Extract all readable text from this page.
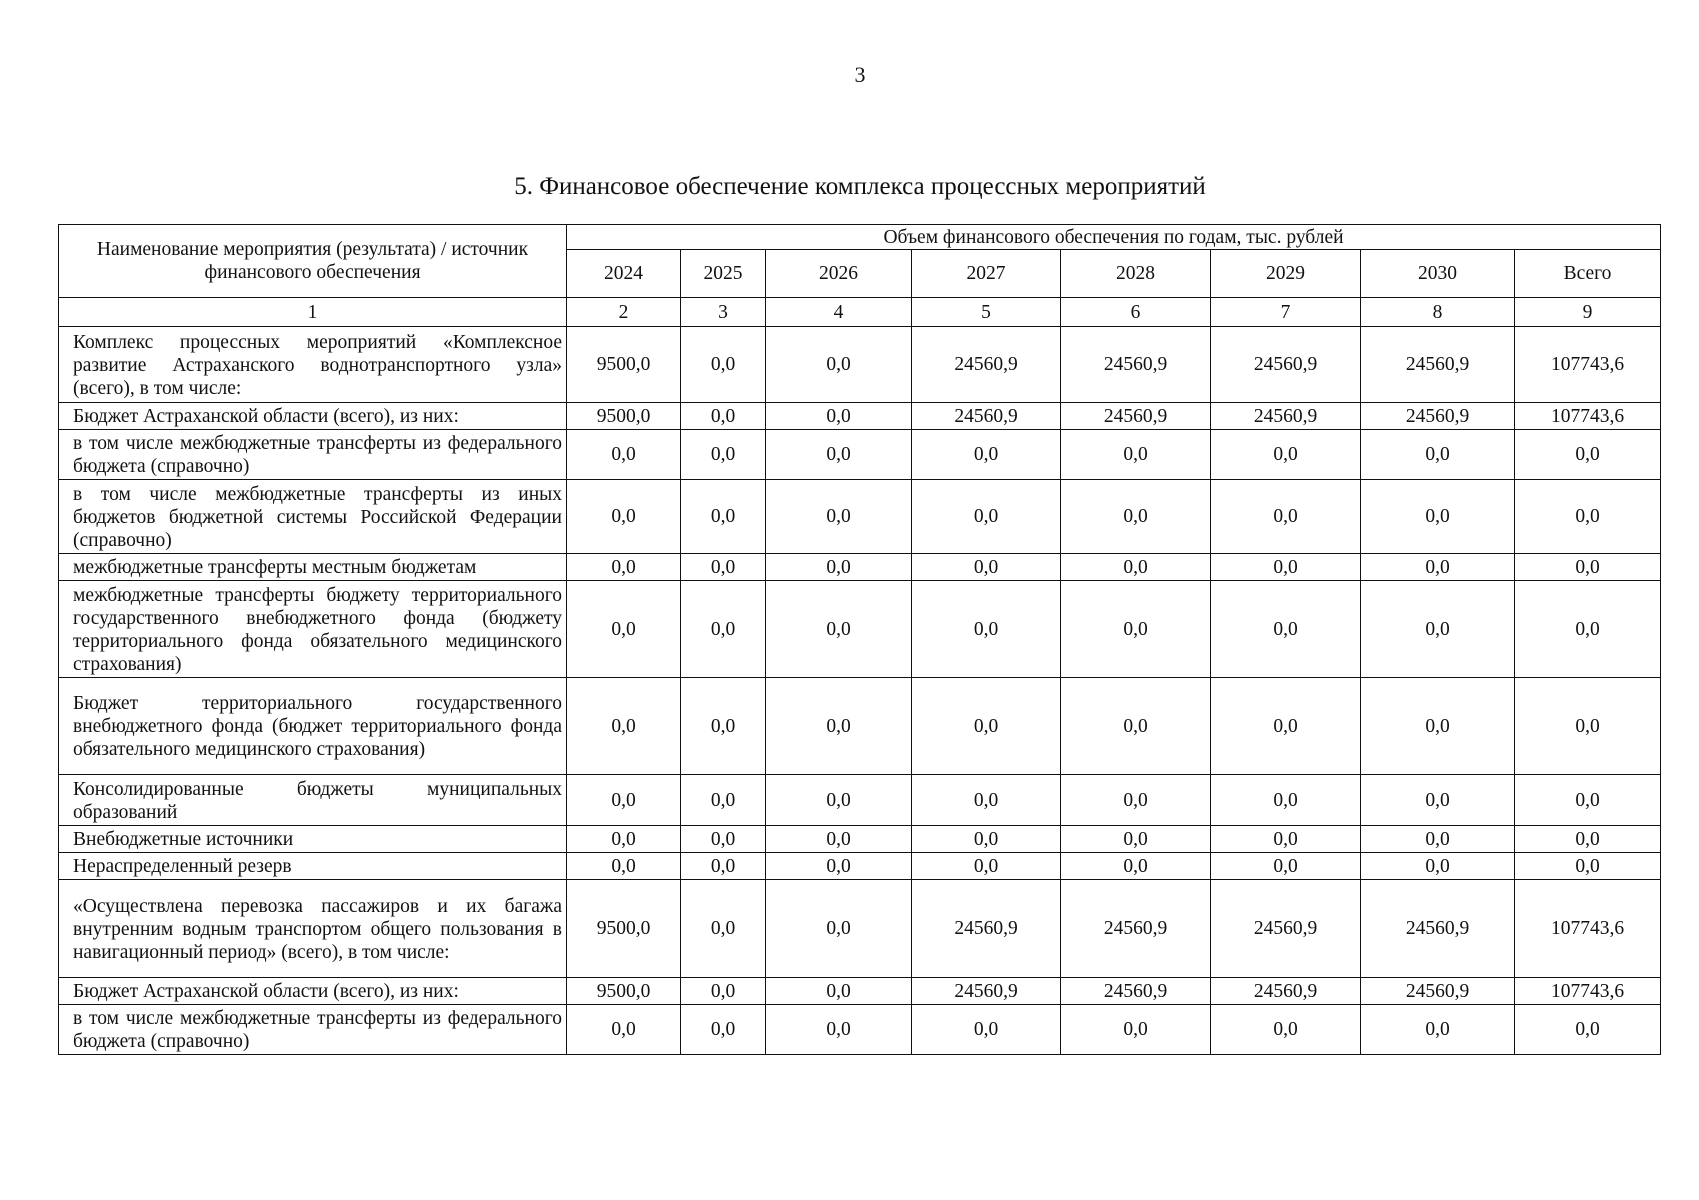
3
5. Финансовое обеспечение комплекса процессных мероприятий
Наименование мероприятия (результата) / источник финансового обеспечения	Объем финансового обеспечения по годам, тыс. рублей							
	2024	2025	2026	2027	2028	2029	2030	Всего
1	2	3	4	5	6	7	8	9
Комплекс процессных мероприятий «Комплексное развитие Астраханского воднотранспортного узла» (всего), в том числе:	9500,0	0,0	0,0	24560,9	24560,9	24560,9	24560,9	107743,6
Бюджет Астраханской области (всего), из них:	9500,0	0,0	0,0	24560,9	24560,9	24560,9	24560,9	107743,6
в том числе межбюджетные трансферты из федерального бюджета (справочно)	0,0	0,0	0,0	0,0	0,0	0,0	0,0	0,0
в том числе межбюджетные трансферты из иных бюджетов бюджетной системы Российской Федерации (справочно)	0,0	0,0	0,0	0,0	0,0	0,0	0,0	0,0
межбюджетные трансферты местным бюджетам	0,0	0,0	0,0	0,0	0,0	0,0	0,0	0,0
межбюджетные трансферты бюджету территориального государственного внебюджетного фонда (бюджету территориального фонда обязательного медицинского страхования)	0,0	0,0	0,0	0,0	0,0	0,0	0,0	0,0
Бюджет территориального государственного внебюджетного фонда (бюджет территориального фонда обязательного медицинского страхования)	0,0	0,0	0,0	0,0	0,0	0,0	0,0	0,0
Консолидированные бюджеты муниципальных образований	0,0	0,0	0,0	0,0	0,0	0,0	0,0	0,0
Внебюджетные источники	0,0	0,0	0,0	0,0	0,0	0,0	0,0	0,0
Нераспределенный резерв	0,0	0,0	0,0	0,0	0,0	0,0	0,0	0,0
«Осуществлена перевозка пассажиров и их багажа внутренним водным транспортом общего пользования в навигационный период» (всего), в том числе:	9500,0	0,0	0,0	24560,9	24560,9	24560,9	24560,9	107743,6
Бюджет Астраханской области (всего), из них:	9500,0	0,0	0,0	24560,9	24560,9	24560,9	24560,9	107743,6
в том числе межбюджетные трансферты из федерального бюджета (справочно)	0,0	0,0	0,0	0,0	0,0	0,0	0,0	0,0
